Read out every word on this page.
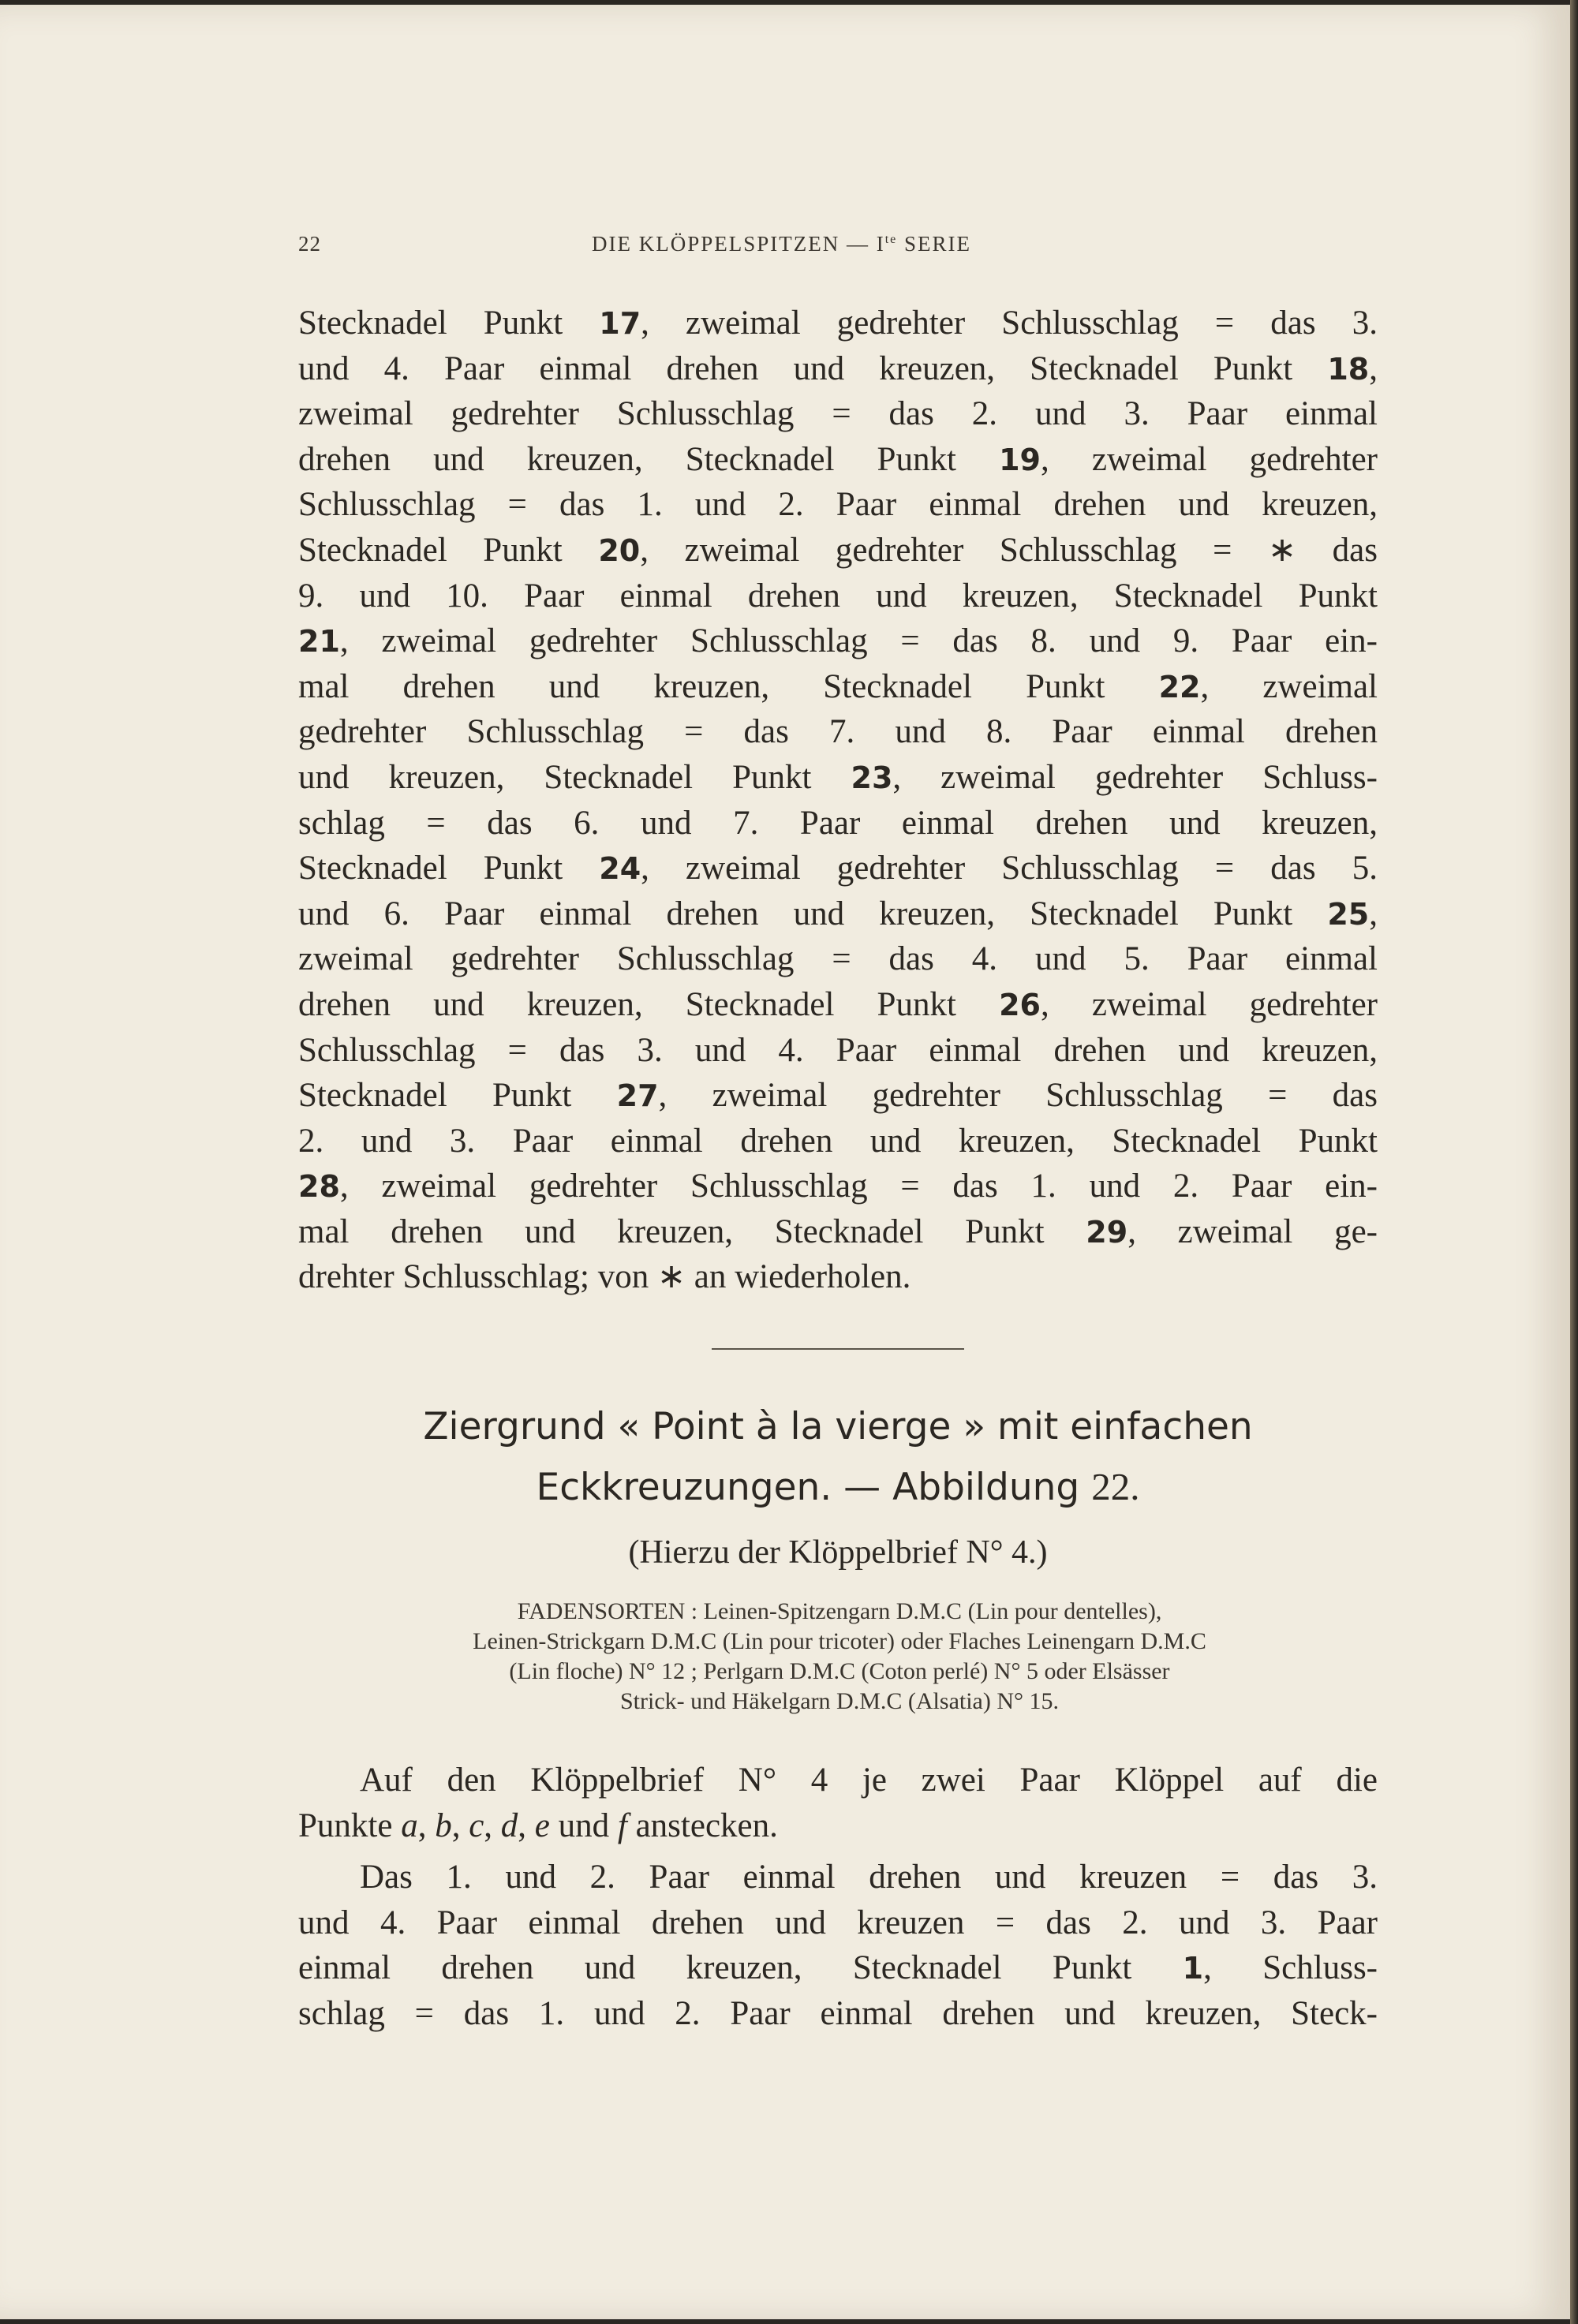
22	DIE KLÖPPELSPITZEN — $I^{te}$ SERIE
Stecknadel Punkt 17, zweimal gedrehter Schlusschlag = das 3.
und 4. Paar einmal drehen und kreuzen, Stecknadel Punkt 18,
zweimal gedrehter Schlusschlag = das 2. und 3. Paar einmal
drehen und kreuzen, Stecknadel Punkt 19, zweimal gedrehter
Schlusschlag = das 1. und 2. Paar einmal drehen und kreuzen,
Stecknadel Punkt 20, zweimal gedrehter Schlusschlag = ∗ das
9. und 10. Paar einmal drehen und kreuzen, Stecknadel Punkt
21, zweimal gedrehter Schlusschlag = das 8. und 9. Paar ein-
mal drehen und kreuzen, Stecknadel Punkt 22, zweimal
gedrehter Schlusschlag = das 7. und 8. Paar einmal drehen
und kreuzen, Stecknadel Punkt 23, zweimal gedrehter Schluss-
schlag = das 6. und 7. Paar einmal drehen und kreuzen,
Stecknadel Punkt 24, zweimal gedrehter Schlusschlag = das 5.
und 6. Paar einmal drehen und kreuzen, Stecknadel Punkt 25,
zweimal gedrehter Schlusschlag = das 4. und 5. Paar einmal
drehen und kreuzen, Stecknadel Punkt 26, zweimal gedrehter
Schlusschlag = das 3. und 4. Paar einmal drehen und kreuzen,
Stecknadel Punkt 27, zweimal gedrehter Schlusschlag = das
2. und 3. Paar einmal drehen und kreuzen, Stecknadel Punkt
28, zweimal gedrehter Schlusschlag = das 1. und 2. Paar ein-
mal drehen und kreuzen, Stecknadel Punkt 29, zweimal ge-
drehter Schlusschlag; von ∗ an wiederholen.
Ziergrund « Point à la vierge » mit einfachen
Eckkreuzungen. — Abbildung 22.
(Hierzu der Klöppelbrief N° 4.)
FADENSORTEN : Leinen-Spitzengarn D.M.C (Lin pour dentelles),
Leinen-Strickgarn D.M.C (Lin pour tricoter) oder Flaches Leinengarn D.M.C
(Lin floche) N° 12 ; Perlgarn D.M.C (Coton perlé) N° 5 oder Elsässer
Strick- und Häkelgarn D.M.C (Alsatia) N° 15.
Auf den Klöppelbrief N° 4 je zwei Paar Klöppel auf die
Punkte a, b, c, d, e und f anstecken.
Das 1. und 2. Paar einmal drehen und kreuzen = das 3.
und 4. Paar einmal drehen und kreuzen = das 2. und 3. Paar
einmal drehen und kreuzen, Stecknadel Punkt 1, Schluss-
schlag = das 1. und 2. Paar einmal drehen und kreuzen, Steck-
